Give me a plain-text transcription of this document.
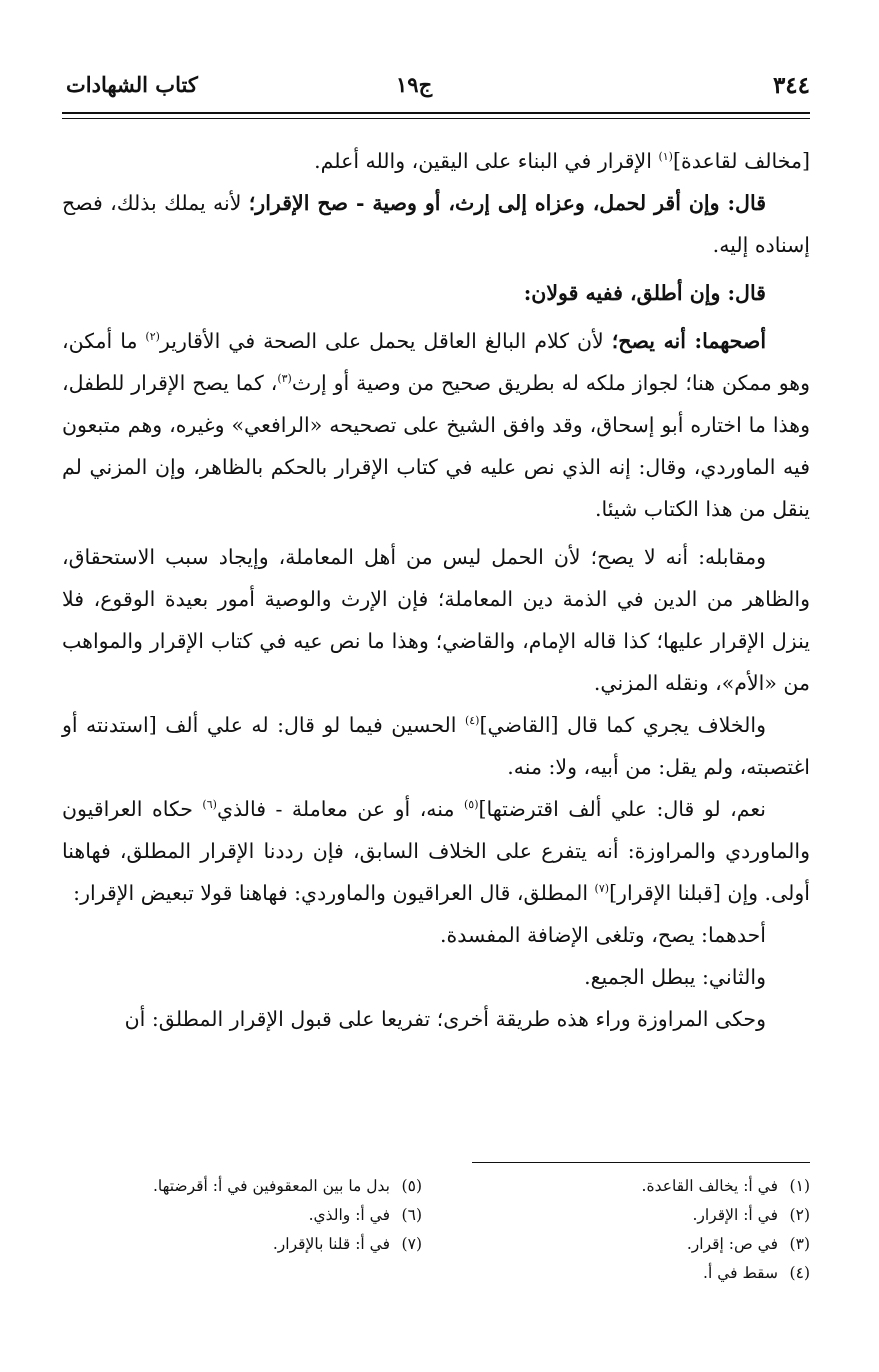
٣٤٤
ج١٩
كتاب الشهادات

[مخالف لقاعدة]$^{(١)}$ الإقرار في البناء على اليقين، والله أعلم.

قال: وإن أقر لحمل، وعزاه إلى إرث، أو وصية - صح الإقرار؛ لأنه يملك بذلك، فصح إسناده إليه.

قال: وإن أطلق، ففيه قولان:

أصحهما: أنه يصح؛ لأن كلام البالغ العاقل يحمل على الصحة في الأقارير$^{(٢)}$ ما أمكن، وهو ممكن هنا؛ لجواز ملكه له بطريق صحيح من وصية أو إرث$^{(٣)}$، كما يصح الإقرار للطفل، وهذا ما اختاره أبو إسحاق، وقد وافق الشيخ على تصحيحه «الرافعي» وغيره، وهم متبعون فيه الماوردي، وقال: إنه الذي نص عليه في كتاب الإقرار بالحكم بالظاهر، وإن المزني لم ينقل من هذا الكتاب شيئا.

ومقابله: أنه لا يصح؛ لأن الحمل ليس من أهل المعاملة، وإيجاد سبب الاستحقاق، والظاهر من الدين في الذمة دين المعاملة؛ فإن الإرث والوصية أمور بعيدة الوقوع، فلا ينزل الإقرار عليها؛ كذا قاله الإمام، والقاضي؛ وهذا ما نص عيه في كتاب الإقرار والمواهب من «الأم»، ونقله المزني.

والخلاف يجري كما قال [القاضي]$^{(٤)}$ الحسين فيما لو قال: له علي ألف [استدنته أو اغتصبته، ولم يقل: من أبيه، ولا: منه.

نعم، لو قال: علي ألف اقترضتها]$^{(٥)}$ منه، أو عن معاملة - فالذي$^{(٦)}$ حكاه العراقيون والماوردي والمراوزة: أنه يتفرع على الخلاف السابق، فإن رددنا الإقرار المطلق، فهاهنا أولى. وإن [قبلنا الإقرار]$^{(٧)}$ المطلق، قال العراقيون والماوردي: فهاهنا قولا تبعيض الإقرار:

أحدهما: يصح، وتلغى الإضافة المفسدة.

والثاني: يبطل الجميع.

وحكى المراوزة وراء هذه طريقة أخرى؛ تفريعا على قبول الإقرار المطلق: أن

(١)في أ: يخالف القاعدة.
(٢)في أ: الإقرار.
(٣)في ص: إقرار.
(٤)سقط في أ.
(٥)بدل ما بين المعقوفين في أ: أقرضتها.
(٦)في أ: والذي.
(٧)في أ: قلنا بالإقرار.
